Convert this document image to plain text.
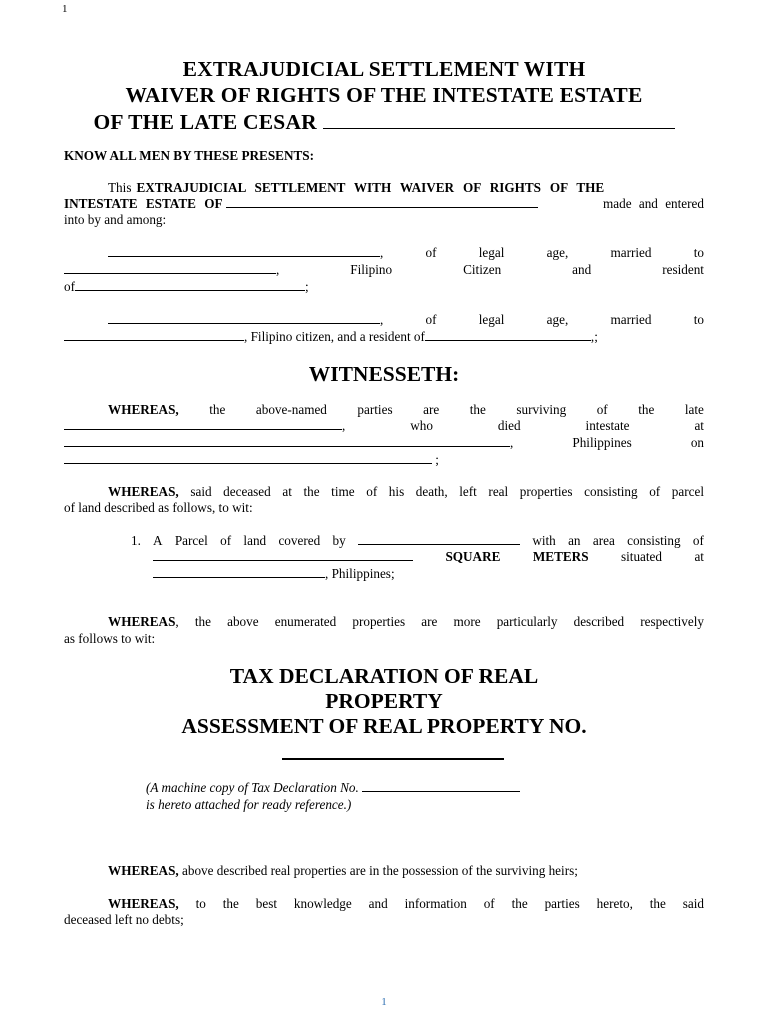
1
EXTRAJUDICIAL SETTLEMENT WITH
WAIVER OF RIGHTS OF THE INTESTATE ESTATE
OF THE LATE CESAR
KNOW ALL MEN BY THESE PRESENTS:
This EXTRAJUDICIAL SETTLEMENT WITH WAIVER OF RIGHTS OF THE
INTESTATE ESTATE OF	made and entered
into by and among:
,	of	legal	age,	married	to
,	Filipino	Citizen	and	resident
of	;
,	of	legal	age,	married	to
, Filipino citizen, and a resident of	,;
WITNESSETH:
WHEREAS, the above-named parties are the surviving of the late
,	who	died	intestate	at
,	Philippines	on
;
WHEREAS, said deceased at the time of his death, left real properties consisting of parcel
of land described as follows, to wit:
1. A Parcel of land covered by	with an area consisting of
SQUARE METERS situated at
, Philippines;
WHEREAS, the above enumerated properties are more particularly described respectively
as follows to wit:
TAX DECLARATION OF REAL
PROPERTY
ASSESSMENT OF REAL PROPERTY NO.
(A machine copy of Tax Declaration No.
is hereto attached for ready reference.)
WHEREAS, above described real properties are in the possession of the surviving heirs;
WHEREAS, to the best knowledge and information of the parties hereto, the said
deceased left no debts;
1
